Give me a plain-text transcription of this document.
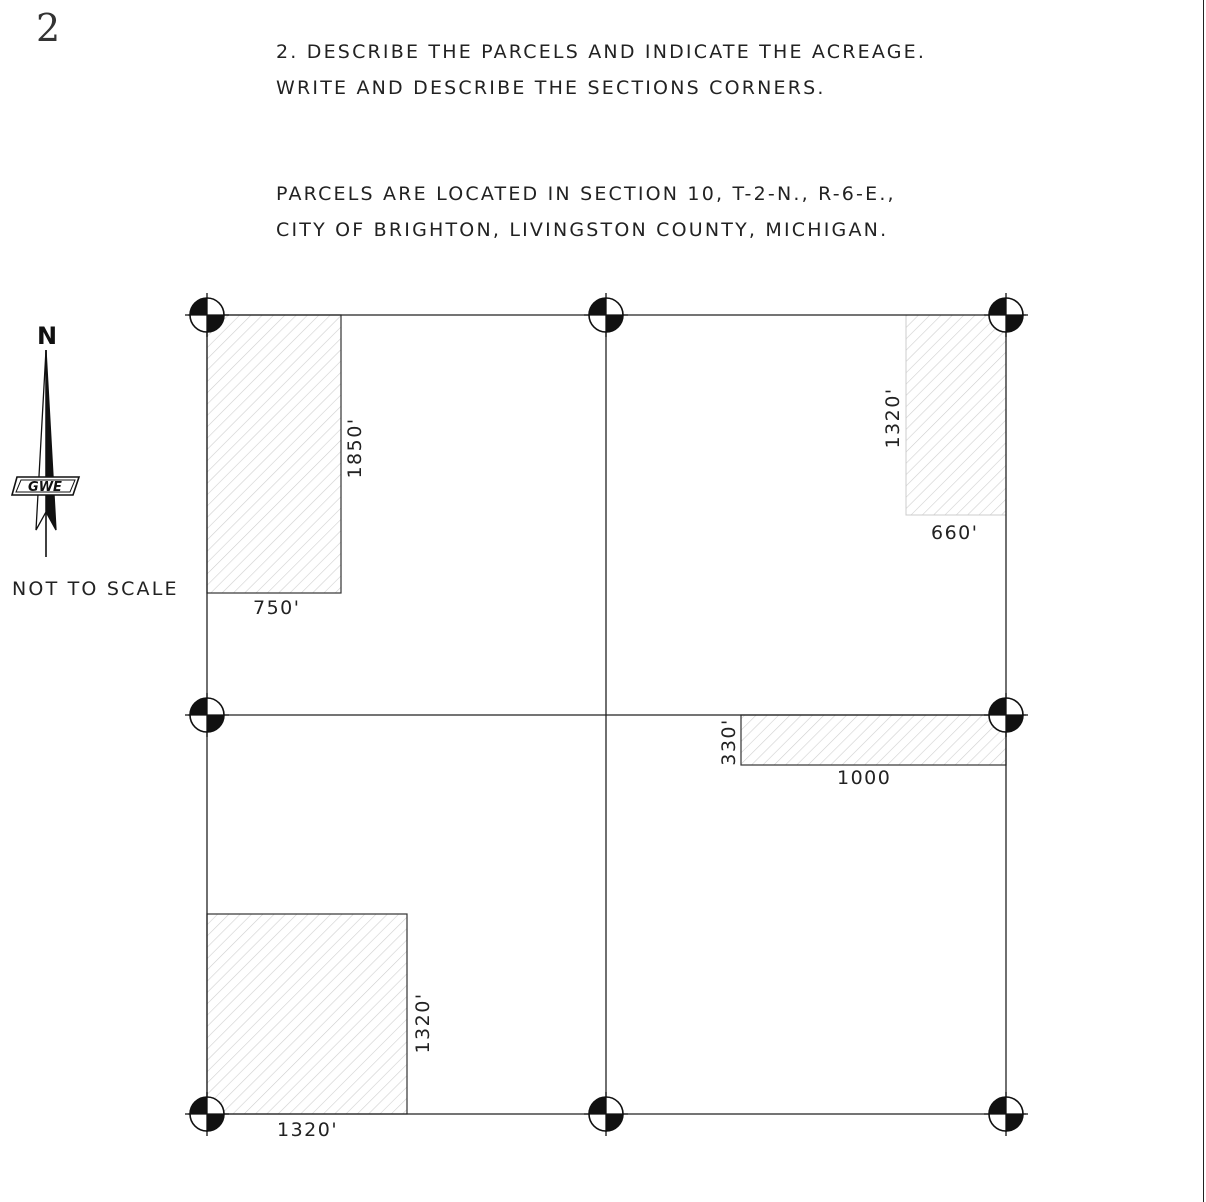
2
2. DESCRIBE THE PARCELS AND INDICATE THE ACREAGE.
WRITE AND DESCRIBE THE SECTIONS CORNERS.
PARCELS ARE LOCATED IN SECTION 10, T-2-N., R-6-E.,
CITY OF BRIGHTON, LIVINGSTON COUNTY, MICHIGAN.
NOT TO SCALE
750'
1850'
660'
1320'
1000
330'
1320'
1320'
N
GWE
